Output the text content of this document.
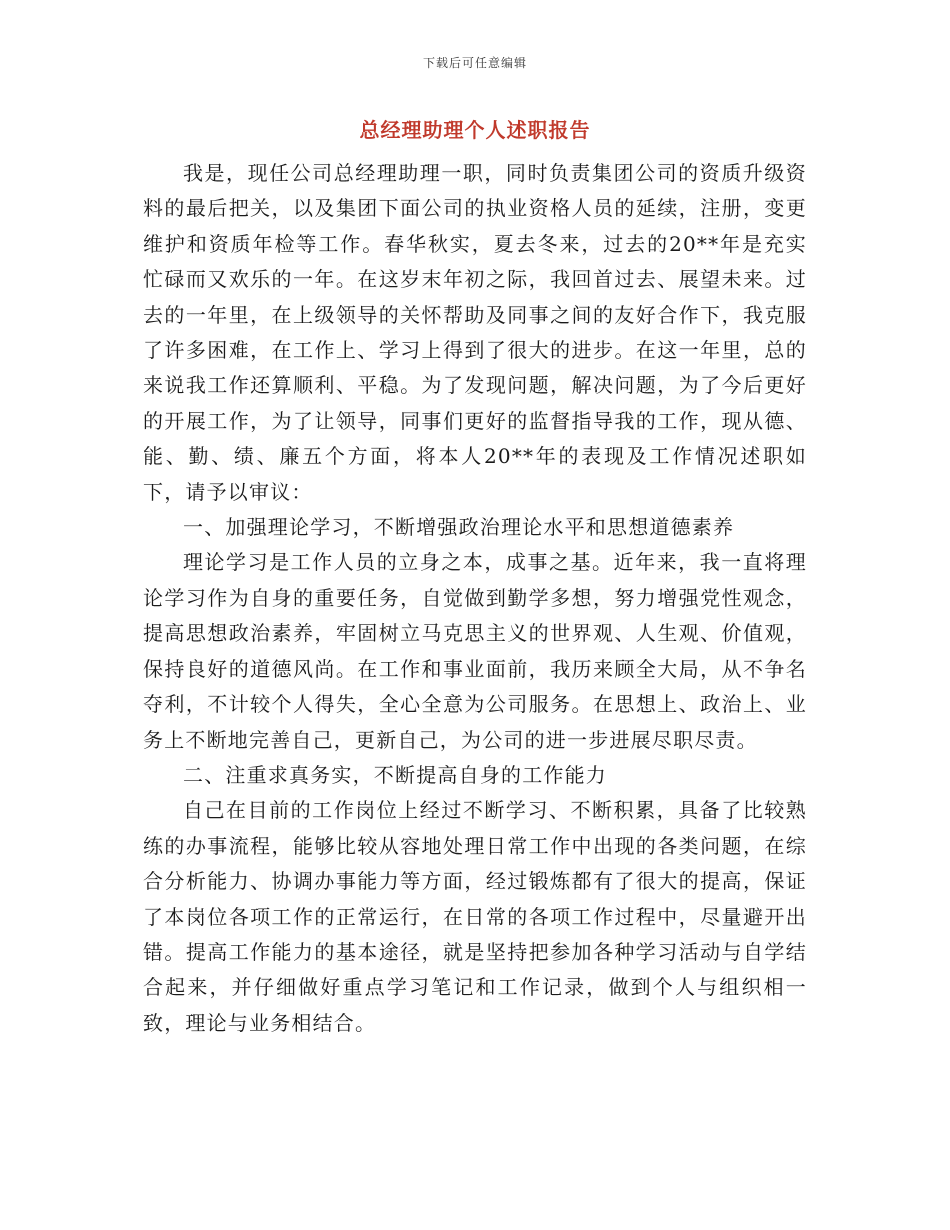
下载后可任意编辑
总经理助理个人述职报告

我是，现任公司总经理助理一职，同时负责集团公司的资质升级资料的最后把关，以及集团下面公司的执业资格人员的延续，注册，变更维护和资质年检等工作。春华秋实，夏去冬来，过去的20**年是充实忙碌而又欢乐的一年。在这岁末年初之际，我回首过去、展望未来。过去的一年里，在上级领导的关怀帮助及同事之间的友好合作下，我克服了许多困难，在工作上、学习上得到了很大的进步。在这一年里，总的来说我工作还算顺利、平稳。为了发现问题，解决问题，为了今后更好的开展工作，为了让领导，同事们更好的监督指导我的工作，现从德、能、勤、绩、廉五个方面，将本人20**年的表现及工作情况述职如下，请予以审议：

一、加强理论学习，不断增强政治理论水平和思想道德素养

理论学习是工作人员的立身之本，成事之基。近年来，我一直将理论学习作为自身的重要任务，自觉做到勤学多想，努力增强党性观念，提高思想政治素养，牢固树立马克思主义的世界观、人生观、价值观，保持良好的道德风尚。在工作和事业面前，我历来顾全大局，从不争名夺利，不计较个人得失，全心全意为公司服务。在思想上、政治上、业务上不断地完善自己，更新自己，为公司的进一步进展尽职尽责。

二、注重求真务实，不断提高自身的工作能力

自己在目前的工作岗位上经过不断学习、不断积累，具备了比较熟练的办事流程，能够比较从容地处理日常工作中出现的各类问题，在综合分析能力、协调办事能力等方面，经过锻炼都有了很大的提高，保证了本岗位各项工作的正常运行，在日常的各项工作过程中，尽量避开出错。提高工作能力的基本途径，就是坚持把参加各种学习活动与自学结合起来，并仔细做好重点学习笔记和工作记录，做到个人与组织相一致，理论与业务相结合。
